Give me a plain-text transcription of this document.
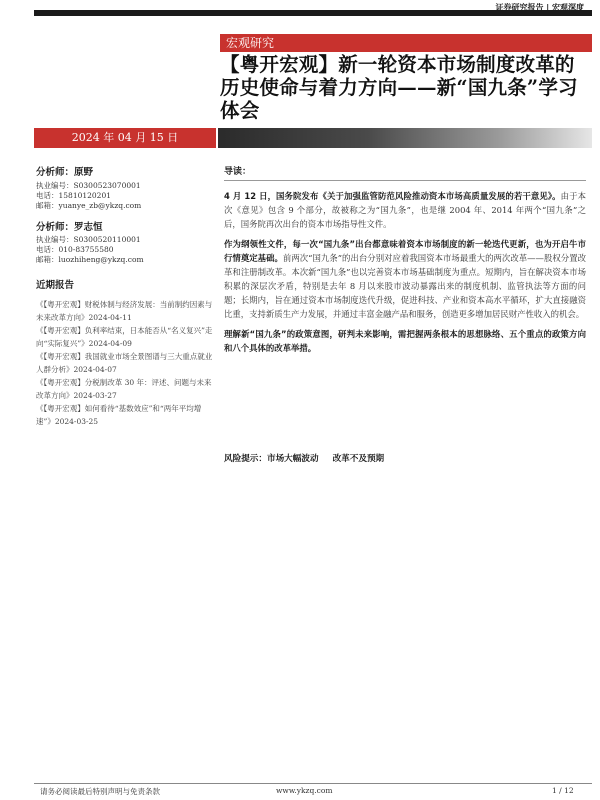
证券研究报告 | 宏观深度
宏观研究
【粤开宏观】新一轮资本市场制度改革的历史使命与着力方向——新“国九条”学习体会
2024 年 04 月 15 日
分析师：原野
执业编号：S0300523070001
电话：15810120201
邮箱：yuanye_zb@ykzq.com
分析师：罗志恒
执业编号：S0300520110001
电话：010-83755580
邮箱：luozhiheng@ykzq.com
近期报告
《【粤开宏观】财税体制与经济发展：当前制约因素与未来改革方向》2024-04-11
《【粤开宏观】负利率结束，日本能否从“名义复兴”走向“实际复兴”》2024-04-09
《【粤开宏观】我国就业市场全景图谱与三大重点就业人群分析》2024-04-07
《【粤开宏观】分税制改革 30 年：评述、问题与未来改革方向》2024-03-27
《【粤开宏观】如何看待“基数效应”和“两年平均增速”》2024-03-25
导读：

4 月 12 日，国务院发布《关于加强监管防范风险推动资本市场高质量发展的若干意见》。由于本次《意见》包含 9 个部分，故被称之为“国九条”，也是继 2004 年、2014 年两个“国九条”之后，国务院再次出台的资本市场指导性文件。

作为纲领性文件，每一次“国九条”出台都意味着资本市场制度的新一轮迭代更新，也为开启牛市行情奠定基础。前两次“国九条”的出台分别对应着我国资本市场最重大的两次改革——股权分置改革和注册制改革。本次新“国九条”也以完善资本市场基础制度为重点。短期内，旨在解决资本市场积累的深层次矛盾，特别是去年 8 月以来股市波动暴露出来的制度机制、监管执法等方面的问题；长期内，旨在通过资本市场制度迭代升级，促进科技、产业和资本高水平循环，扩大直接融资比重，支持新质生产力发展，并通过丰富金融产品和服务，创造更多增加居民财产性收入的机会。

理解新“国九条”的政策意图，研判未来影响，需把握两条根本的思想脉络、五个重点的政策方向和八个具体的改革举措。

风险提示：市场大幅波动 改革不及预期
请务必阅读最后特别声明与免责条款	www.ykzq.com	1 / 12
